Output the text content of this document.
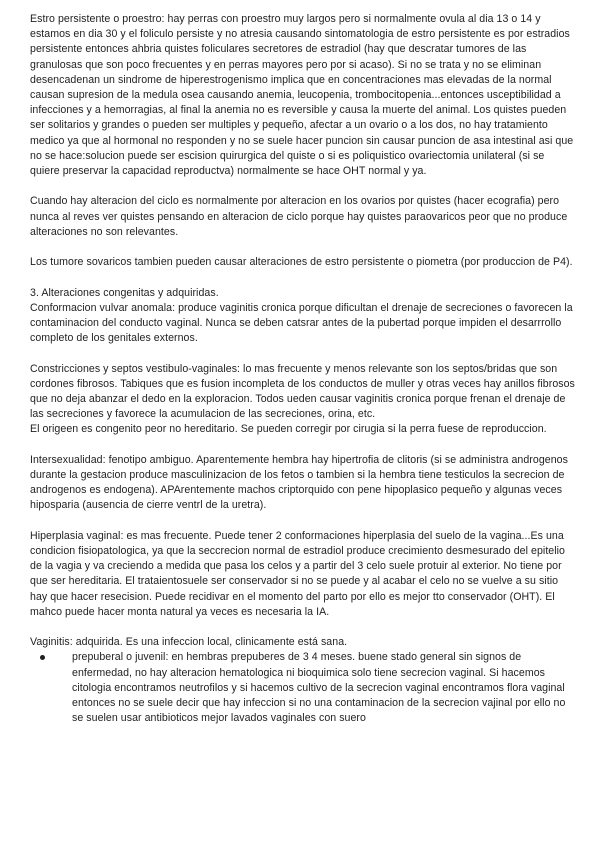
Estro persistente o proestro: hay perras con proestro muy largos pero si normalmente ovula al dia 13 o 14 y estamos en dia 30 y el foliculo persiste y no atresia causando sintomatologia de estro persistente es por estradios persistente entonces ahbria quistes foliculares secretores de estradiol (hay que descratar tumores de las granulosas que son poco frecuentes y en perras mayores pero por si acaso). Si no se trata y no se eliminan desencadenan un sindrome de hiperestrogenismo implica que en concentraciones mas elevadas de la normal causan supresion de la medula osea causando anemia, leucopenia, trombocitopenia...entonces usceptibilidad a infecciones y a hemorragias, al final la anemia no es reversible y causa la muerte del animal. Los quistes pueden ser solitarios y grandes o pueden ser multiples y pequeño, afectar a un ovario o a los dos, no hay tratamiento medico ya que al hormonal no responden y no se suele hacer puncion sin causar puncion de asa intestinal asi que no se hace:solucion puede ser escision quirurgica del quiste o si es poliquistico ovariectomia unilateral (si se quiere preservar la capacidad reproductva) normalmente se hace OHT normal y ya.

Cuando hay alteracion del ciclo es normalmente por alteracion en los ovarios por quistes (hacer ecografia) pero nunca al reves ver quistes pensando en alteracion de ciclo porque hay quistes paraovaricos peor que no produce alteraciones no son relevantes.

Los tumore sovaricos tambien pueden causar alteraciones de estro persistente o piometra (por produccion de P4).

3. Alteraciones congenitas y adquiridas.

Conformacion vulvar anomala: produce vaginitis cronica porque dificultan el drenaje de secreciones o favorecen la contaminacion del conducto vaginal. Nunca se deben catsrar antes de la pubertad porque impiden el desarrrollo completo de los genitales externos.

Constricciones y septos vestibulo-vaginales: lo mas frecuente y menos relevante son los septos/bridas que son cordones fibrosos. Tabiques que es fusion incompleta de los conductos de muller y otras veces hay anillos fibrosos que no deja abanzar el dedo en la exploracion. Todos ueden causar vaginitis cronica porque frenan el drenaje de las secreciones y favorece la acumulacion de las secreciones, orina, etc.

El origeen es congenito peor no hereditario. Se pueden corregir por cirugia si la perra fuese de reproduccion.

Intersexualidad: fenotipo ambiguo. Aparentemente hembra hay hipertrofia de clitoris (si se administra androgenos durante la gestacion produce masculinizacion de los fetos o tambien si la hembra tiene testiculos la secrecion de androgenos es endogena). APArentemente machos criptorquido con pene hipoplasico pequeño y algunas veces hiposparia (ausencia de cierre ventrl de la uretra).

Hiperplasia vaginal: es mas frecuente. Puede tener 2 conformaciones hiperplasia del suelo de la vagina...Es una condicion fisiopatologica, ya que la seccrecion normal de estradiol produce crecimiento desmesurado del epitelio de la vagia y va creciendo a medida que pasa los celos y a partir del 3 celo suele protuir al exterior. No tiene por que ser hereditaria. El trataientosuele ser conservador si no se puede y al acabar el celo no se vuelve a su sitio hay que hacer resecision. Puede recidivar en el momento del parto por ello es mejor tto conservador (OHT). El mahco puede hacer monta natural ya veces es necesaria la IA.

Vaginitis: adquirida. Es una infeccion local, clinicamente está sana.

prepuberal o juvenil: en hembras prepuberes de 3 4 meses. buene stado general sin signos de enfermedad, no hay alteracion hematologica ni bioquimica solo tiene secrecion vaginal. Si hacemos citologia encontramos neutrofilos y si hacemos cultivo de la secrecion vaginal encontramos flora vaginal entonces no se suele decir que hay infeccion si no una contaminacion de la secrecion vajinal por ello no se suelen usar antibioticos mejor lavados vaginales con suero
